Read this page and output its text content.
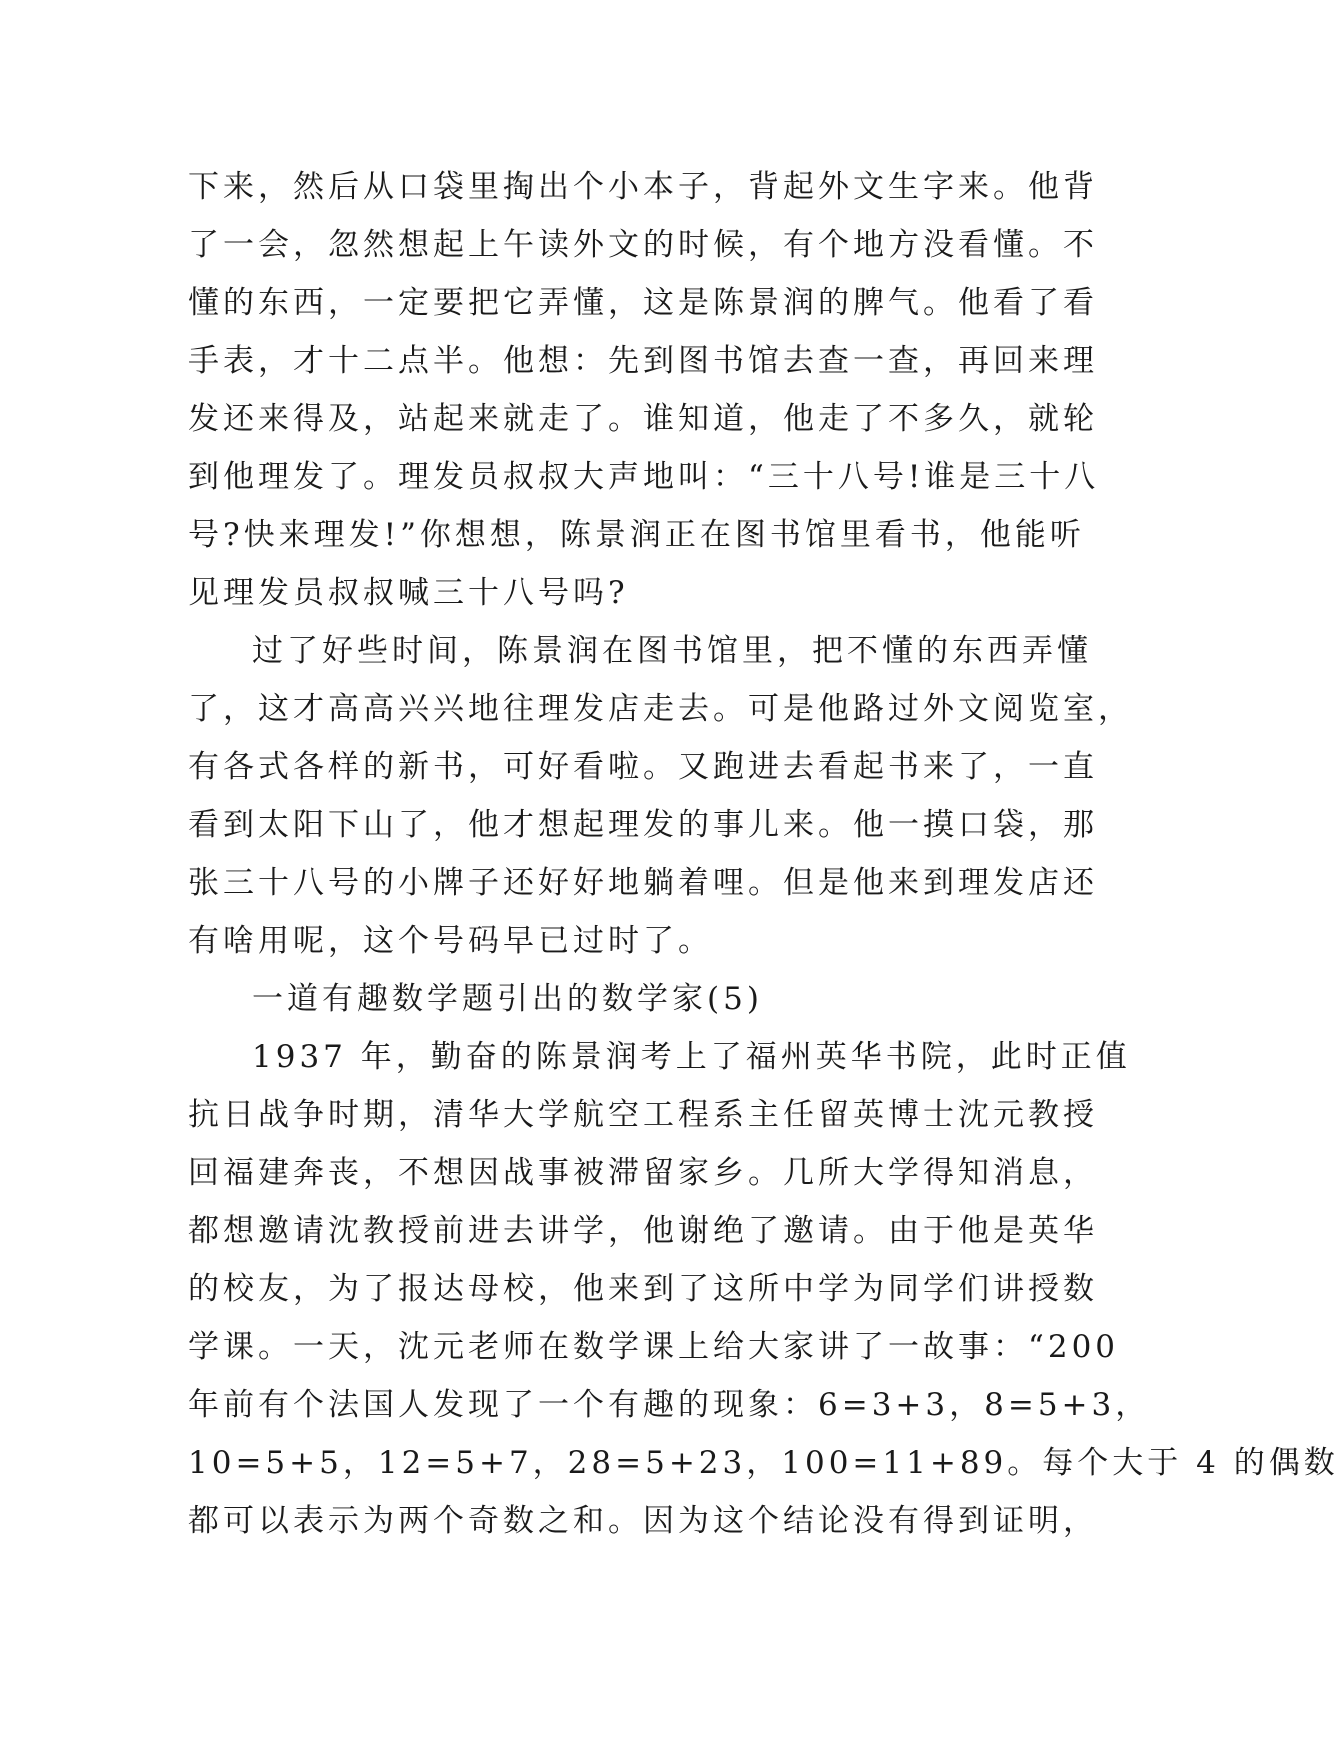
下来，然后从口袋里掏出个小本子，背起外文生字来。他背
了一会，忽然想起上午读外文的时候，有个地方没看懂。不
懂的东西，一定要把它弄懂，这是陈景润的脾气。他看了看
手表，才十二点半。他想：先到图书馆去查一查，再回来理
发还来得及，站起来就走了。谁知道，他走了不多久，就轮
到他理发了。理发员叔叔大声地叫：“三十八号!谁是三十八
号?快来理发!”你想想，陈景润正在图书馆里看书，他能听
见理发员叔叔喊三十八号吗?
过了好些时间，陈景润在图书馆里，把不懂的东西弄懂
了，这才高高兴兴地往理发店走去。可是他路过外文阅览室，
有各式各样的新书，可好看啦。又跑进去看起书来了，一直
看到太阳下山了，他才想起理发的事儿来。他一摸口袋，那
张三十八号的小牌子还好好地躺着哩。但是他来到理发店还
有啥用呢，这个号码早已过时了。
一道有趣数学题引出的数学家(5)
1937 年，勤奋的陈景润考上了福州英华书院，此时正值
抗日战争时期，清华大学航空工程系主任留英博士沈元教授
回福建奔丧，不想因战事被滞留家乡。几所大学得知消息，
都想邀请沈教授前进去讲学，他谢绝了邀请。由于他是英华
的校友，为了报达母校，他来到了这所中学为同学们讲授数
学课。一天，沈元老师在数学课上给大家讲了一故事：“200
年前有个法国人发现了一个有趣的现象：6=3+3，8=5+3，
10=5+5，12=5+7，28=5+23，100=11+89。每个大于 4 的偶数
都可以表示为两个奇数之和。因为这个结论没有得到证明，
